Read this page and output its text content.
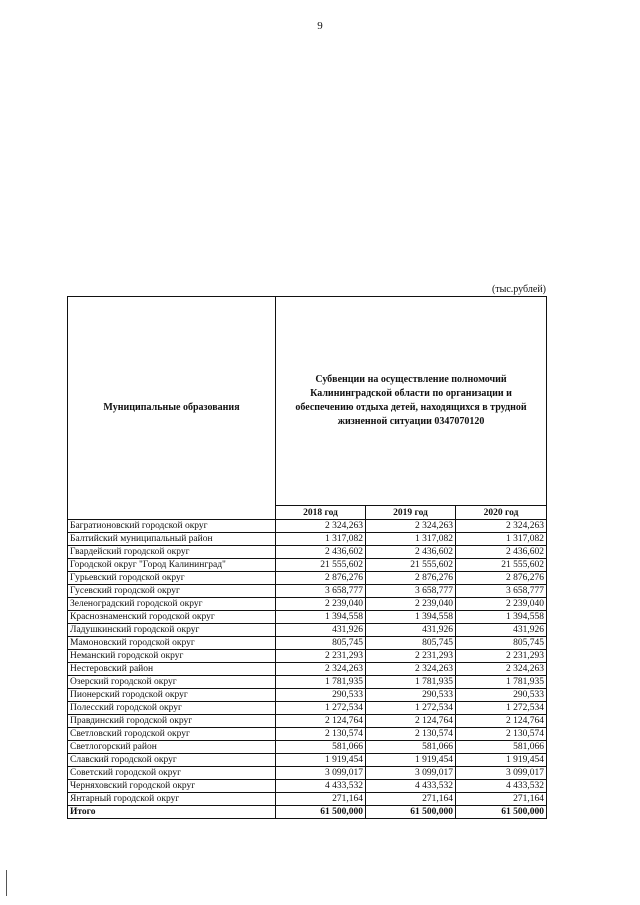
9
(тыс.рублей)
Муниципальные образования	Субвенции на осуществление полномочий Калининградской области по организации и обеспечению отдыха детей, находящихся в трудной жизненной ситуации 0347070120		
	2018 год	2019 год	2020 год
Багратионовский городской округ	2 324,263	2 324,263	2 324,263
Балтийский муниципальный район	1 317,082	1 317,082	1 317,082
Гвардейский городской округ	2 436,602	2 436,602	2 436,602
Городской округ "Город Калининград"	21 555,602	21 555,602	21 555,602
Гурьевский городской округ	2 876,276	2 876,276	2 876,276
Гусевский городской округ	3 658,777	3 658,777	3 658,777
Зеленоградский городской округ	2 239,040	2 239,040	2 239,040
Краснознаменский городской округ	1 394,558	1 394,558	1 394,558
Ладушкинский городской округ	431,926	431,926	431,926
Мамоновский городской округ	805,745	805,745	805,745
Неманский городской округ	2 231,293	2 231,293	2 231,293
Нестеровский район	2 324,263	2 324,263	2 324,263
Озерский городской округ	1 781,935	1 781,935	1 781,935
Пионерский городской округ	290,533	290,533	290,533
Полесский городской округ	1 272,534	1 272,534	1 272,534
Правдинский городской округ	2 124,764	2 124,764	2 124,764
Светловский городской округ	2 130,574	2 130,574	2 130,574
Светлогорский район	581,066	581,066	581,066
Славский городской округ	1 919,454	1 919,454	1 919,454
Советский городской округ	3 099,017	3 099,017	3 099,017
Черняховский городской округ	4 433,532	4 433,532	4 433,532
Янтарный городской округ	271,164	271,164	271,164
Итого	61 500,000	61 500,000	61 500,000
